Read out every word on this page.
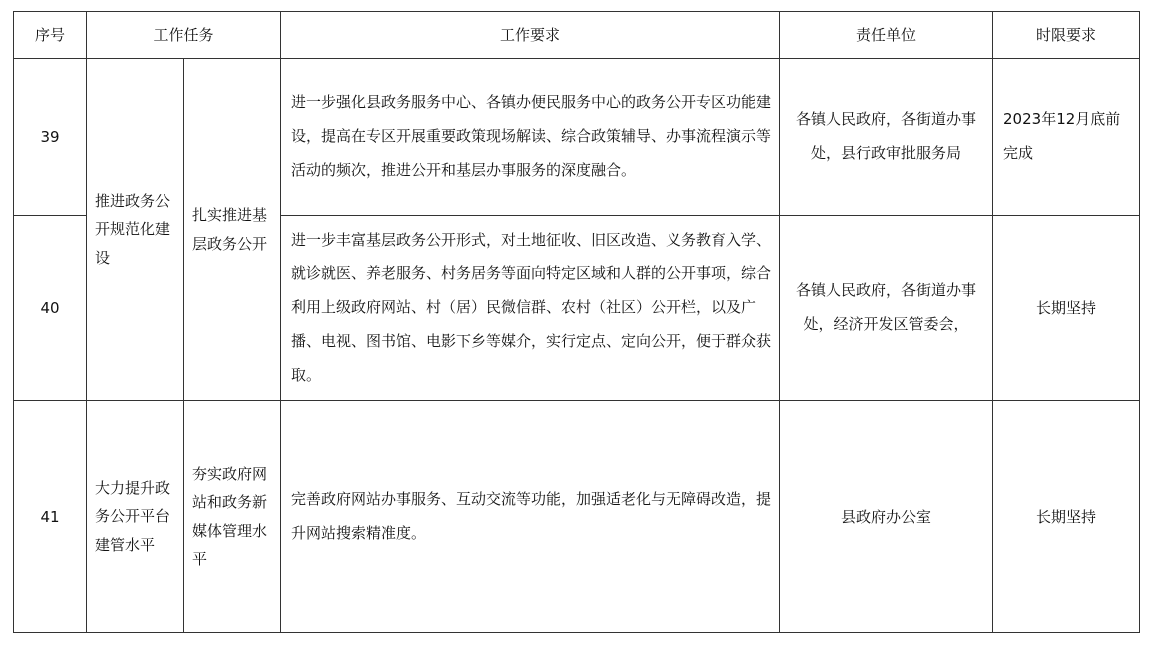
序号	工作任务		工作要求	责任单位	时限要求
39	推进政务公开规范化建设	扎实推进基层政务公开	进一步强化县政务服务中心、各镇办便民服务中心的政务公开专区功能建设，提高在专区开展重要政策现场解读、综合政策辅导、办事流程演示等活动的频次，推进公开和基层办事服务的深度融合。	各镇人民政府，各街道办事处，县行政审批服务局	2023年12月底前完成
40			进一步丰富基层政务公开形式，对土地征收、旧区改造、义务教育入学、就诊就医、养老服务、村务居务等面向特定区域和人群的公开事项，综合利用上级政府网站、村（居）民微信群、农村（社区）公开栏，以及广播、电视、图书馆、电影下乡等媒介，实行定点、定向公开，便于群众获取。	各镇人民政府，各街道办事处，经济开发区管委会，	长期坚持
41	大力提升政务公开平台建管水平	夯实政府网站和政务新媒体管理水平	完善政府网站办事服务、互动交流等功能，加强适老化与无障碍改造，提升网站搜索精准度。	县政府办公室	长期坚持
